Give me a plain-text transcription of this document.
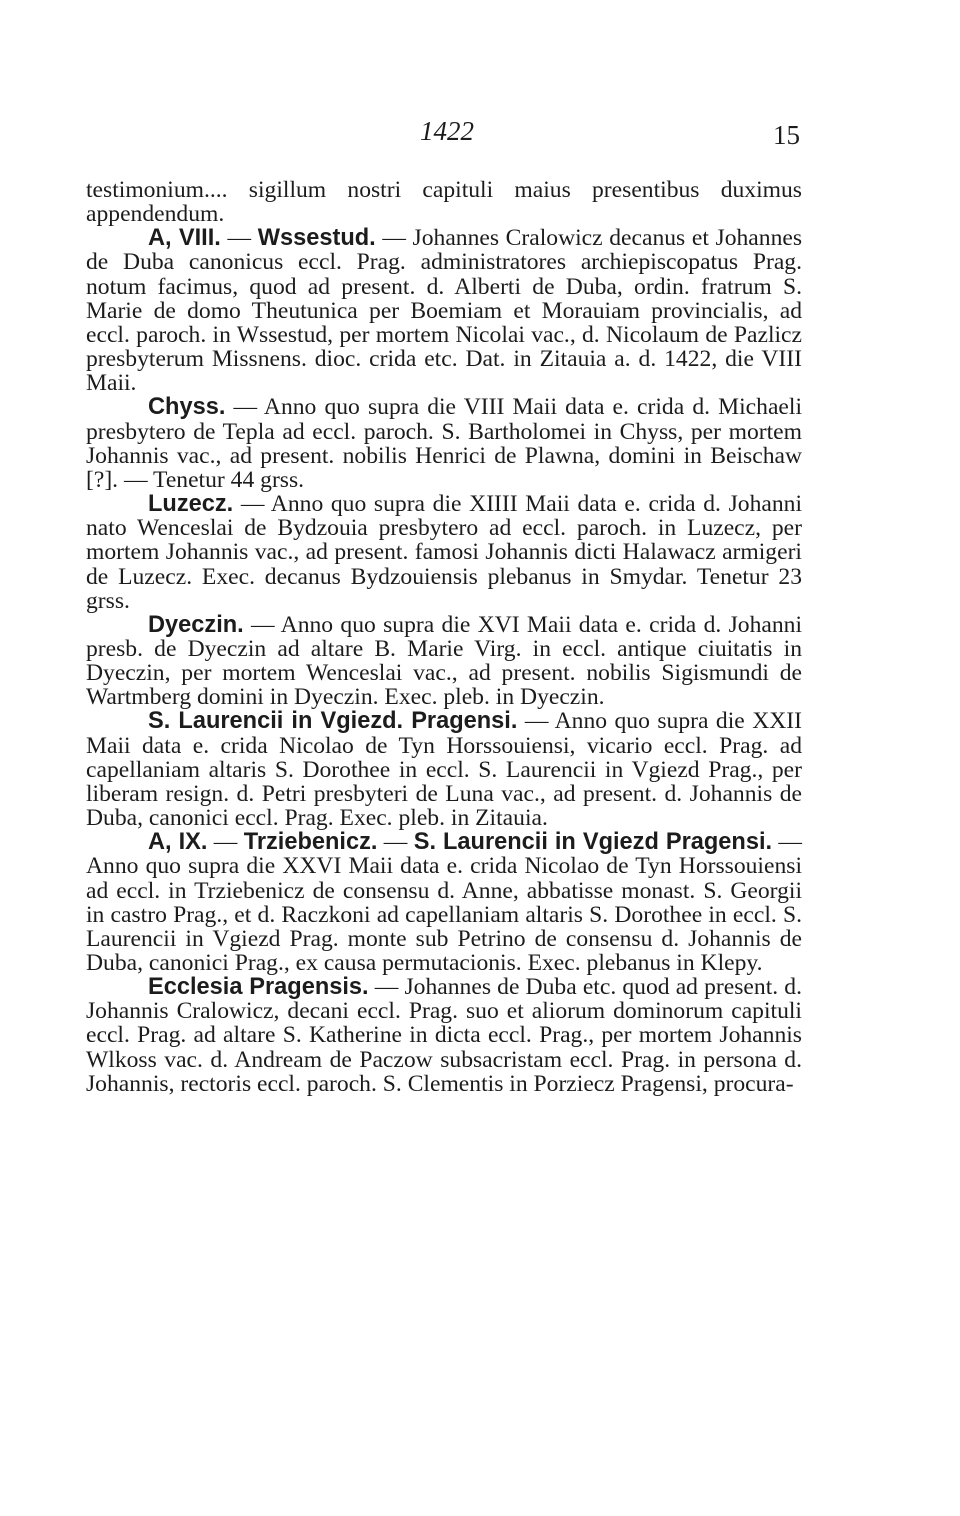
1422	15

testimonium.... sigillum nostri capituli maius presentibus duximus appendendum.

A, VIII. — Wssestud. — Johannes Cralowicz decanus et Johannes de Duba canonicus eccl. Prag. administratores archiepiscopatus Prag. notum facimus, quod ad present. d. Alberti de Duba, ordin. fratrum S. Marie de domo Theutunica per Boemiam et Morauiam provincialis, ad eccl. paroch. in Wssestud, per mortem Nicolai vac., d. Nicolaum de Pazlicz presbyterum Missnens. dioc. crida etc. Dat. in Zitauia a. d. 1422, die VIII Maii.

Chyss. — Anno quo supra die VIII Maii data e. crida d. Michaeli presbytero de Tepla ad eccl. paroch. S. Bartholomei in Chyss, per mortem Johannis vac., ad present. nobilis Henrici de Plawna, domini in Beischaw [?]. — Tenetur 44 grss.

Luzecz. — Anno quo supra die XIIII Maii data e. crida d. Johanni nato Wenceslai de Bydzouia presbytero ad eccl. paroch. in Luzecz, per mortem Johannis vac., ad present. famosi Johannis dicti Halawacz armigeri de Luzecz. Exec. decanus Bydzouiensis plebanus in Smydar. Tenetur 23 grss.

Dyeczin. — Anno quo supra die XVI Maii data e. crida d. Johanni presb. de Dyeczin ad altare B. Marie Virg. in eccl. antique ciuitatis in Dyeczin, per mortem Wenceslai vac., ad present. nobilis Sigismundi de Wartmberg domini in Dyeczin. Exec. pleb. in Dyeczin.

S. Laurencii in Vgiezd. Pragensi. — Anno quo supra die XXII Maii data e. crida Nicolao de Tyn Horssouiensi, vicario eccl. Prag. ad capellaniam altaris S. Dorothee in eccl. S. Laurencii in Vgiezd Prag., per liberam resign. d. Petri presbyteri de Luna vac., ad present. d. Johannis de Duba, canonici eccl. Prag. Exec. pleb. in Zitauia.

A, IX. — Trziebenicz. — S. Laurencii in Vgiezd Pragensi. — Anno quo supra die XXVI Maii data e. crida Nicolao de Tyn Horssouiensi ad eccl. in Trziebenicz de consensu d. Anne, abbatisse monast. S. Georgii in castro Prag., et d. Raczkoni ad capellaniam altaris S. Dorothee in eccl. S. Laurencii in Vgiezd Prag. monte sub Petrino de consensu d. Johannis de Duba, canonici Prag., ex causa permutacionis. Exec. plebanus in Klepy.

Ecclesia Pragensis. — Johannes de Duba etc. quod ad present. d. Johannis Cralowicz, decani eccl. Prag. suo et aliorum dominorum capituli eccl. Prag. ad altare S. Katherine in dicta eccl. Prag., per mortem Johannis Wlkoss vac. d. Andream de Paczow subsacristam eccl. Prag. in persona d. Johannis, rectoris eccl. paroch. S. Clementis in Porziecz Pragensi, procura-
